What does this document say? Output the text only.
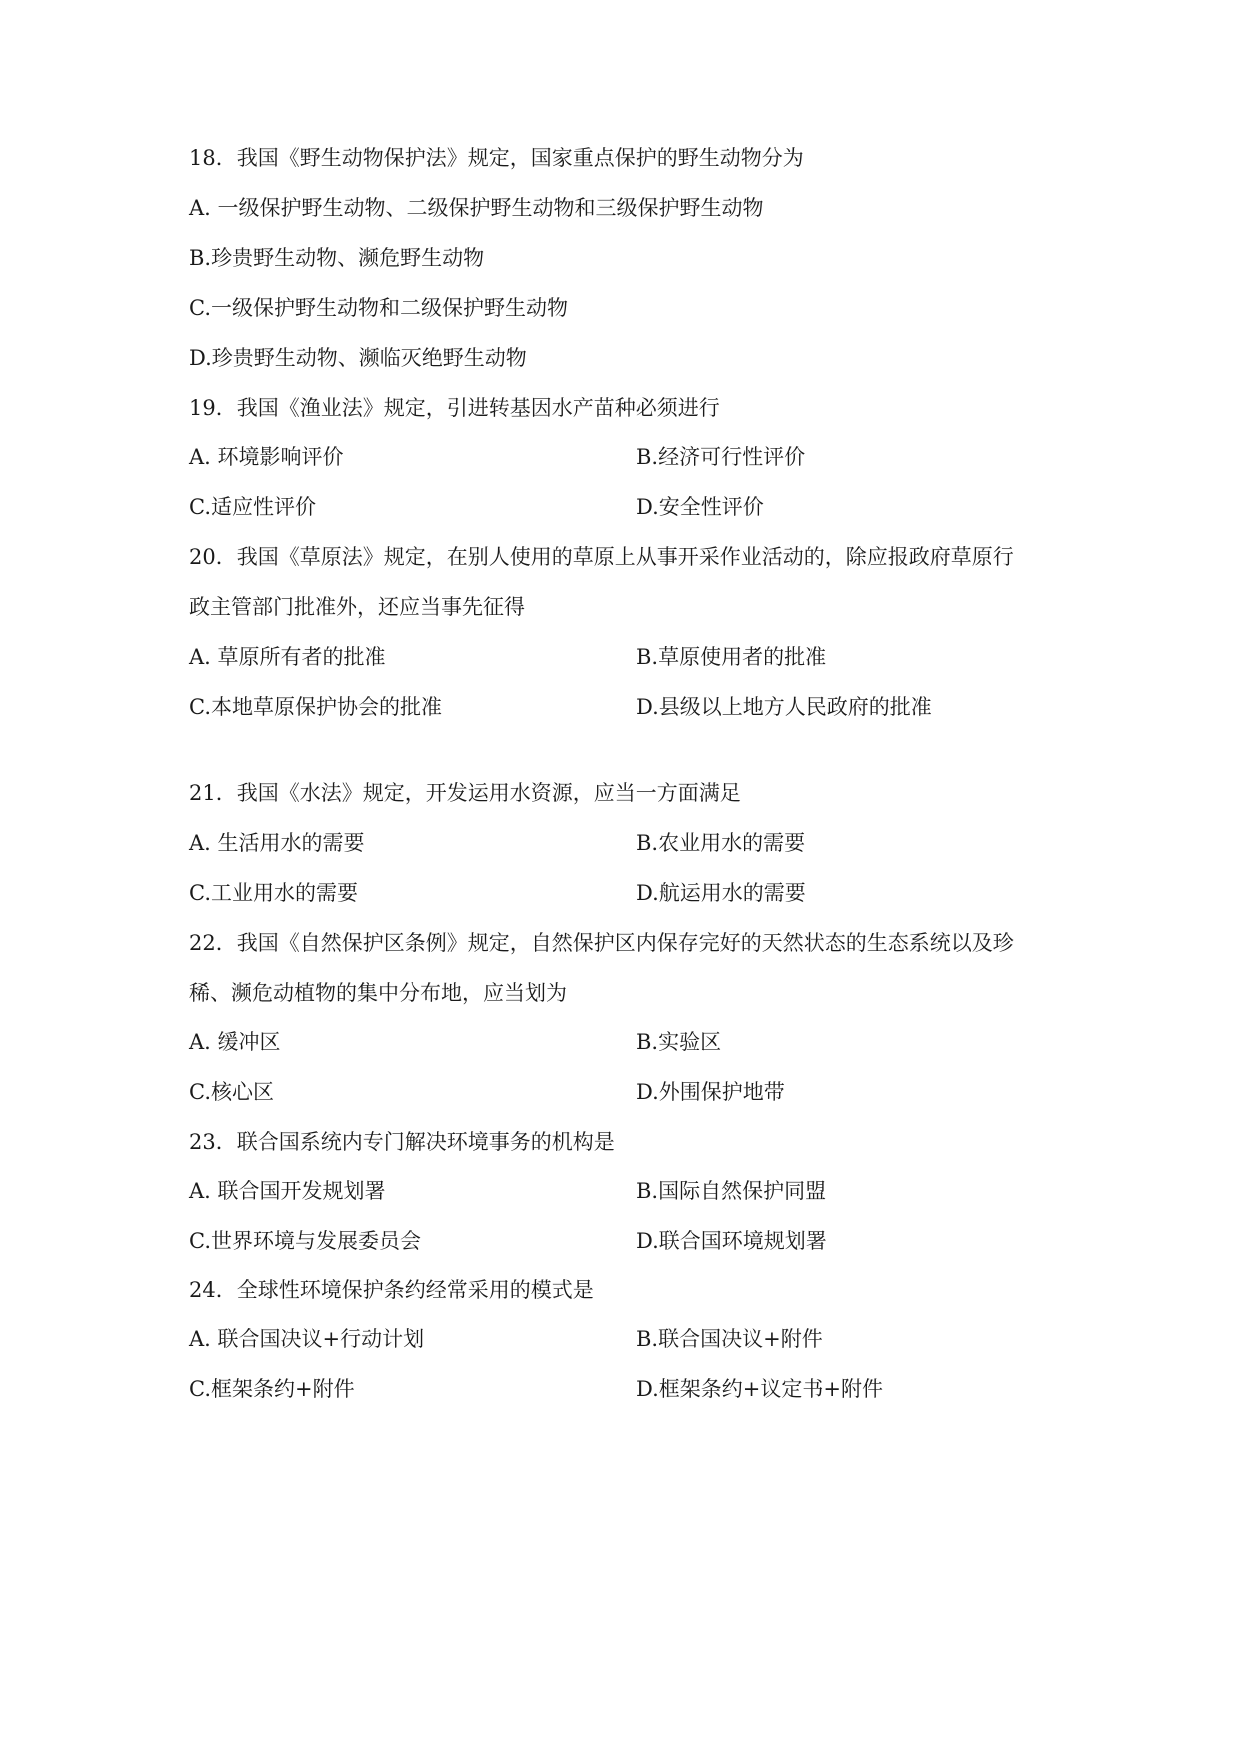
18．我国《野生动物保护法》规定，国家重点保护的野生动物分为
A. 一级保护野生动物、二级保护野生动物和三级保护野生动物
B.珍贵野生动物、濒危野生动物
C.一级保护野生动物和二级保护野生动物
D.珍贵野生动物、濒临灭绝野生动物
19．我国《渔业法》规定，引进转基因水产苗种必须进行
A. 环境影响评价	B.经济可行性评价
C.适应性评价	D.安全性评价
20．我国《草原法》规定，在别人使用的草原上从事开采作业活动的，除应报政府草原行
政主管部门批准外，还应当事先征得
A. 草原所有者的批准	B.草原使用者的批准
C.本地草原保护协会的批准	D.县级以上地方人民政府的批准
21．我国《水法》规定，开发运用水资源，应当一方面满足
A. 生活用水的需要	B.农业用水的需要
C.工业用水的需要	D.航运用水的需要
22．我国《自然保护区条例》规定，自然保护区内保存完好的天然状态的生态系统以及珍
稀、濒危动植物的集中分布地，应当划为
A. 缓冲区	B.实验区
C.核心区	D.外围保护地带
23．联合国系统内专门解决环境事务的机构是
A. 联合国开发规划署	B.国际自然保护同盟
C.世界环境与发展委员会	D.联合国环境规划署
24．全球性环境保护条约经常采用的模式是
A. 联合国决议+行动计划	B.联合国决议+附件
C.框架条约+附件	D.框架条约+议定书+附件
